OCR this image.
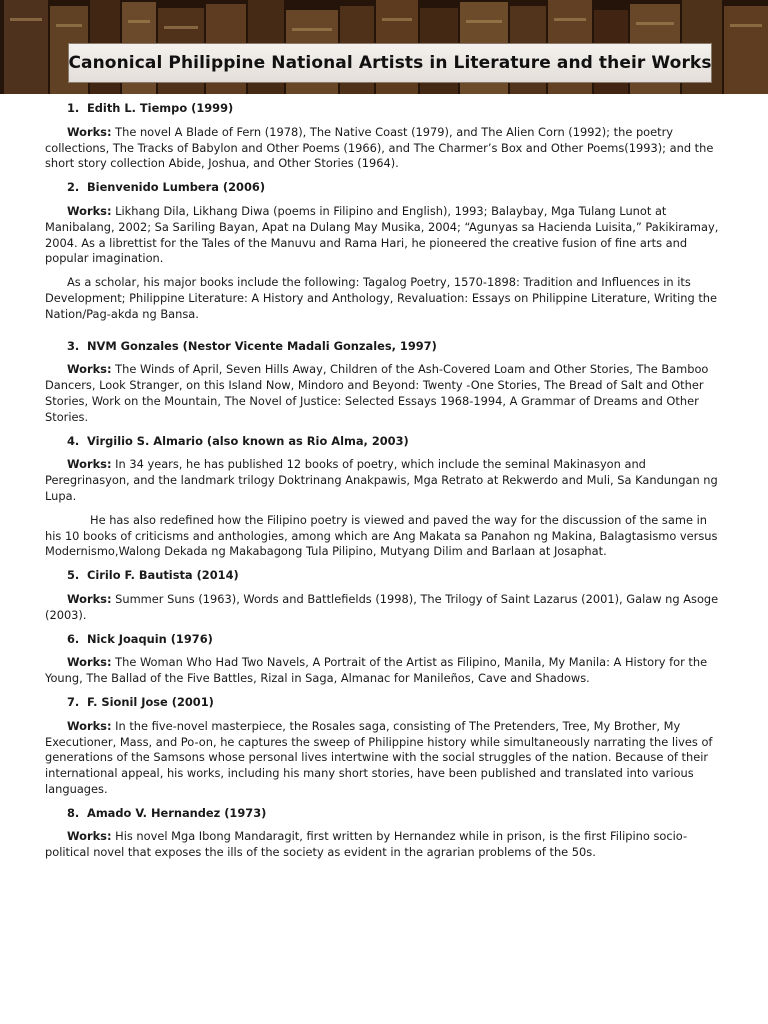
Canonical Philippine National Artists in Literature and their Works
1. Edith L. Tiempo (1999)

Works: The novel A Blade of Fern (1978), The Native Coast (1979), and The Alien Corn (1992); the poetry collections, The Tracks of Babylon and Other Poems (1966), and The Charmer’s Box and Other Poems(1993); and the short story collection Abide, Joshua, and Other Stories (1964).

2. Bienvenido Lumbera (2006)

Works: Likhang Dila, Likhang Diwa (poems in Filipino and English), 1993; Balaybay, Mga Tulang Lunot at Manibalang, 2002; Sa Sariling Bayan, Apat na Dulang May Musika, 2004; “Agunyas sa Hacienda Luisita,” Pakikiramay, 2004. As a librettist for the Tales of the Manuvu and Rama Hari, he pioneered the creative fusion of fine arts and popular imagination.

As a scholar, his major books include the following: Tagalog Poetry, 1570-1898: Tradition and Influences in its Development; Philippine Literature: A History and Anthology, Revaluation: Essays on Philippine Literature, Writing the Nation/Pag-akda ng Bansa.

3. NVM Gonzales (Nestor Vicente Madali Gonzales, 1997)

Works: The Winds of April, Seven Hills Away, Children of the Ash-Covered Loam and Other Stories, The Bamboo Dancers, Look Stranger, on this Island Now, Mindoro and Beyond: Twenty -One Stories, The Bread of Salt and Other Stories, Work on the Mountain, The Novel of Justice: Selected Essays 1968-1994, A Grammar of Dreams and Other Stories.

4. Virgilio S. Almario (also known as Rio Alma, 2003)

Works: In 34 years, he has published 12 books of poetry, which include the seminal Makinasyon and Peregrinasyon, and the landmark trilogy Doktrinang Anakpawis, Mga Retrato at Rekwerdo and Muli, Sa Kandungan ng Lupa.

He has also redefined how the Filipino poetry is viewed and paved the way for the discussion of the same in his 10 books of criticisms and anthologies, among which are Ang Makata sa Panahon ng Makina, Balagtasismo versus Modernismo,Walong Dekada ng Makabagong Tula Pilipino, Mutyang Dilim and Barlaan at Josaphat.

5. Cirilo F. Bautista (2014)

Works: Summer Suns (1963), Words and Battlefields (1998), The Trilogy of Saint Lazarus (2001), Galaw ng Asoge (2003).

6. Nick Joaquin (1976)

Works: The Woman Who Had Two Navels, A Portrait of the Artist as Filipino, Manila, My Manila: A History for the Young, The Ballad of the Five Battles, Rizal in Saga, Almanac for Manileños, Cave and Shadows.

7. F. Sionil Jose (2001)

Works: In the five-novel masterpiece, the Rosales saga, consisting of The Pretenders, Tree, My Brother, My Executioner, Mass, and Po-on, he captures the sweep of Philippine history while simultaneously narrating the lives of generations of the Samsons whose personal lives intertwine with the social struggles of the nation. Because of their international appeal, his works, including his many short stories, have been published and translated into various languages.

8. Amado V. Hernandez (1973)

Works: His novel Mga Ibong Mandaragit, first written by Hernandez while in prison, is the first Filipino socio-political novel that exposes the ills of the society as evident in the agrarian problems of the 50s.
